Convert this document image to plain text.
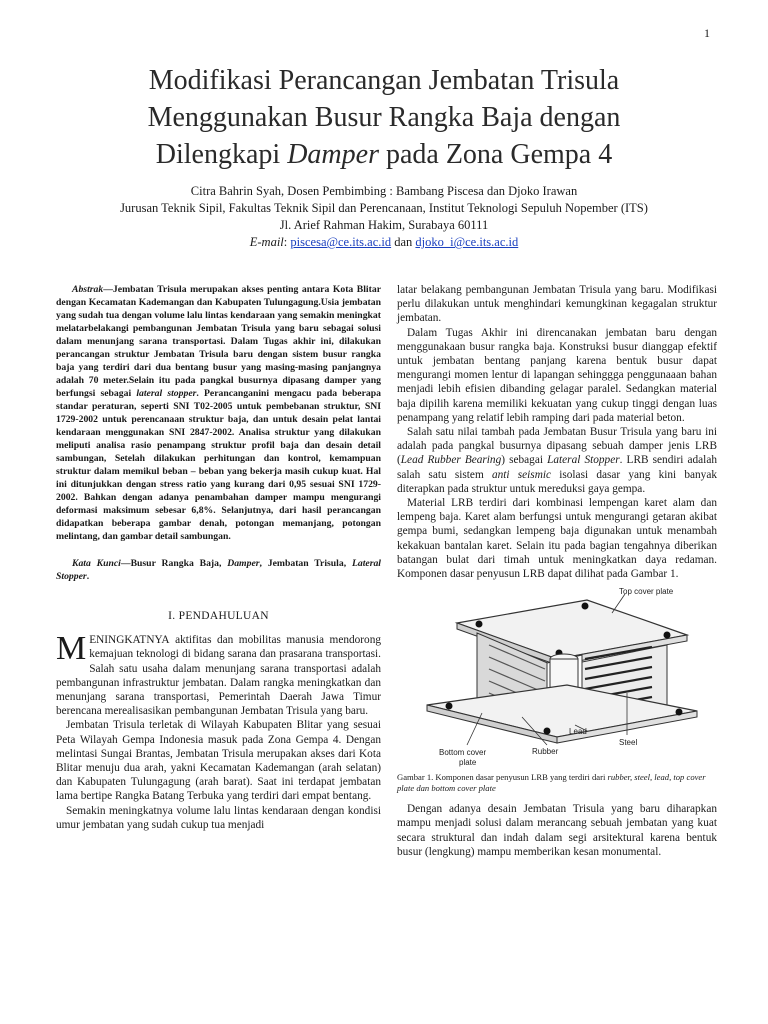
1
Modifikasi Perancangan Jembatan Trisula
Menggunakan Busur Rangka Baja dengan
Dilengkapi Damper pada Zona Gempa 4
Citra Bahrin Syah, Dosen Pembimbing : Bambang Piscesa dan Djoko Irawan
Jurusan Teknik Sipil, Fakultas Teknik Sipil dan Perencanaan, Institut Teknologi Sepuluh Nopember (ITS)
Jl. Arief Rahman Hakim, Surabaya 60111
E-mail: piscesa@ce.its.ac.id dan djoko_i@ce.its.ac.id

Abstrak—Jembatan Trisula merupakan akses penting antara Kota Blitar dengan Kecamatan Kademangan dan Kabupaten Tulungagung.Usia jembatan yang sudah tua dengan volume lalu lintas kendaraan yang semakin meningkat melatarbelakangi pembangunan Jembatan Trisula yang baru sebagai solusi dalam menunjang sarana transportasi. Dalam Tugas akhir ini, dilakukan perancangan struktur Jembatan Trisula baru dengan sistem busur rangka baja yang terdiri dari dua bentang busur yang masing-masing panjangnya adalah 70 meter.Selain itu pada pangkal busurnya dipasang damper yang berfungsi sebagai lateral stopper. Perancanganini mengacu pada beberapa standar peraturan, seperti SNI T02-2005 untuk pembebanan struktur, SNI 1729-2002 untuk perencanaan struktur baja, dan untuk desain pelat lantai kendaraan menggunakan SNI 2847-2002. Analisa struktur yang dilakukan meliputi analisa rasio penampang struktur profil baja dan desain detail sambungan, Setelah dilakukan perhitungan dan kontrol, kemampuan struktur dalam memikul beban – beban yang bekerja masih cukup kuat. Hal ini ditunjukkan dengan stress ratio yang kurang dari 0,95 sesuai SNI 1729-2002. Bahkan dengan adanya penambahan damper mampu mengurangi deformasi maksimum sebesar 6,8%. Selanjutnya, dari hasil perancangan didapatkan beberapa gambar denah, potongan memanjang, potongan melintang, dan gambar detail sambungan.

Kata Kunci—Busur Rangka Baja, Damper, Jembatan Trisula, Lateral Stopper.

I. PENDAHULUAN

MENINGKATNYA aktifitas dan mobilitas manusia mendorong kemajuan teknologi di bidang sarana dan prasarana transportasi. Salah satu usaha dalam menunjang sarana transportasi adalah pembangunan infrastruktur jembatan. Dalam rangka meningkatkan dan menunjang sarana transportasi, Pemerintah Daerah Jawa Timur berencana merealisasikan pembangunan Jembatan Trisula yang baru.

Jembatan Trisula terletak di Wilayah Kabupaten Blitar yang sesuai Peta Wilayah Gempa Indonesia masuk pada Zona Gempa 4. Dengan melintasi Sungai Brantas, Jembatan Trisula merupakan akses dari Kota Blitar menuju dua arah, yakni Kecamatan Kademangan (arah selatan) dan Kabupaten Tulungagung (arah barat). Saat ini terdapat jembatan lama bertipe Rangka Batang Terbuka yang terdiri dari empat bentang.

Semakin meningkatnya volume lalu lintas kendaraan dengan kondisi umur jembatan yang sudah cukup tua menjadi

latar belakang pembangunan Jembatan Trisula yang baru. Modifikasi perlu dilakukan untuk menghindari kemungkinan kegagalan struktur jembatan.

Dalam Tugas Akhir ini direncanakan jembatan baru dengan menggunakaan busur rangka baja. Konstruksi busur dianggap efektif untuk jembatan bentang panjang karena bentuk busur dapat mengurangi momen lentur di lapangan sehinggga penggunaaan bahan menjadi lebih efisien dibanding gelagar paralel. Sedangkan material baja dipilih karena memiliki kekuatan yang cukup tinggi dengan luas penampang yang relatif lebih ramping dari pada material beton.

Salah satu nilai tambah pada Jembatan Busur Trisula yang baru ini adalah pada pangkal busurnya dipasang sebuah damper jenis LRB (Lead Rubber Bearing) sebagai Lateral Stopper. LRB sendiri adalah salah satu sistem anti seismic isolasi dasar yang kini banyak diterapkan pada struktur untuk mereduksi gaya gempa.

Material LRB terdiri dari kombinasi lempengan karet alam dan lempeng baja. Karet alam berfungsi untuk mengurangi getaran akibat gempa bumi, sedangkan lempeng baja digunakan untuk menambah kekakuan bantalan karet. Selain itu pada bagian tengahnya diberikan batangan bulat dari timah untuk meningkatkan daya redaman. Komponen dasar penyusun LRB dapat dilihat pada Gambar 1.

Top cover plate
Lead
Steel
Rubber
Bottom cover
plate

Gambar 1. Komponen dasar penyusun LRB yang terdiri dari rubber, steel, lead, top cover plate dan bottom cover plate

Dengan adanya desain Jembatan Trisula yang baru diharapkan mampu menjadi solusi dalam merancang sebuah jembatan yang kuat secara struktural dan indah dalam segi arsitektural karena bentuk busur (lengkung) mampu memberikan kesan monumental.
